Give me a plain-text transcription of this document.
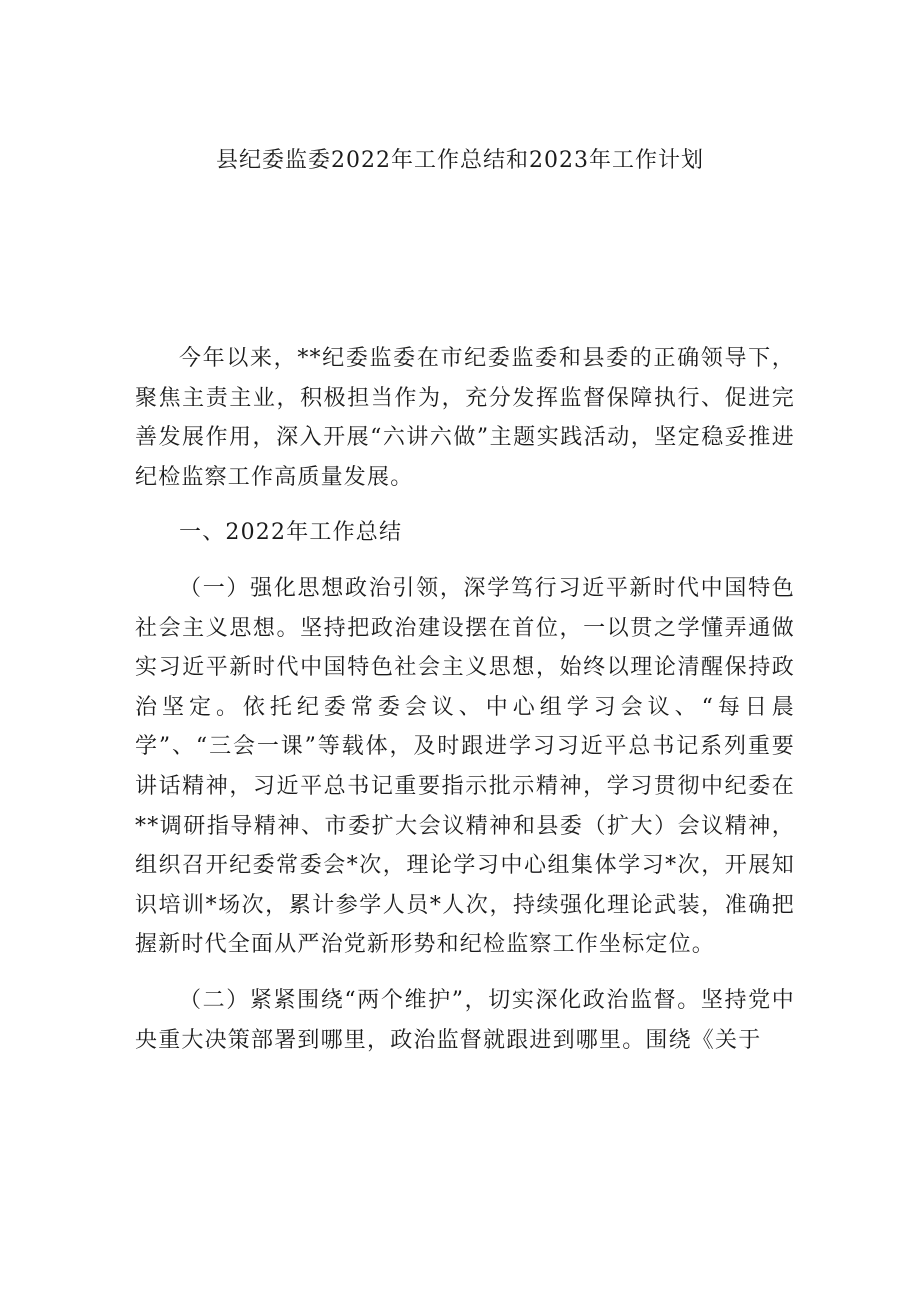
县纪委监委2022年工作总结和2023年工作计划

今年以来，**纪委监委在市纪委监委和县委的正确领导下，聚焦主责主业，积极担当作为，充分发挥监督保障执行、促进完善发展作用，深入开展“六讲六做”主题实践活动，坚定稳妥推进纪检监察工作高质量发展。

一、2022年工作总结

（一）强化思想政治引领，深学笃行习近平新时代中国特色社会主义思想。坚持把政治建设摆在首位，一以贯之学懂弄通做实习近平新时代中国特色社会主义思想，始终以理论清醒保持政治坚定。依托纪委常委会议、中心组学习会议、“每日晨学”、“三会一课”等载体，及时跟进学习习近平总书记系列重要讲话精神，习近平总书记重要指示批示精神，学习贯彻中纪委在**调研指导精神、市委扩大会议精神和县委（扩大）会议精神，组织召开纪委常委会*次，理论学习中心组集体学习*次，开展知识培训*场次，累计参学人员*人次，持续强化理论武装，准确把握新时代全面从严治党新形势和纪检监察工作坐标定位。

（二）紧紧围绕“两个维护”，切实深化政治监督。坚持党中央重大决策部署到哪里，政治监督就跟进到哪里。围绕《关于
